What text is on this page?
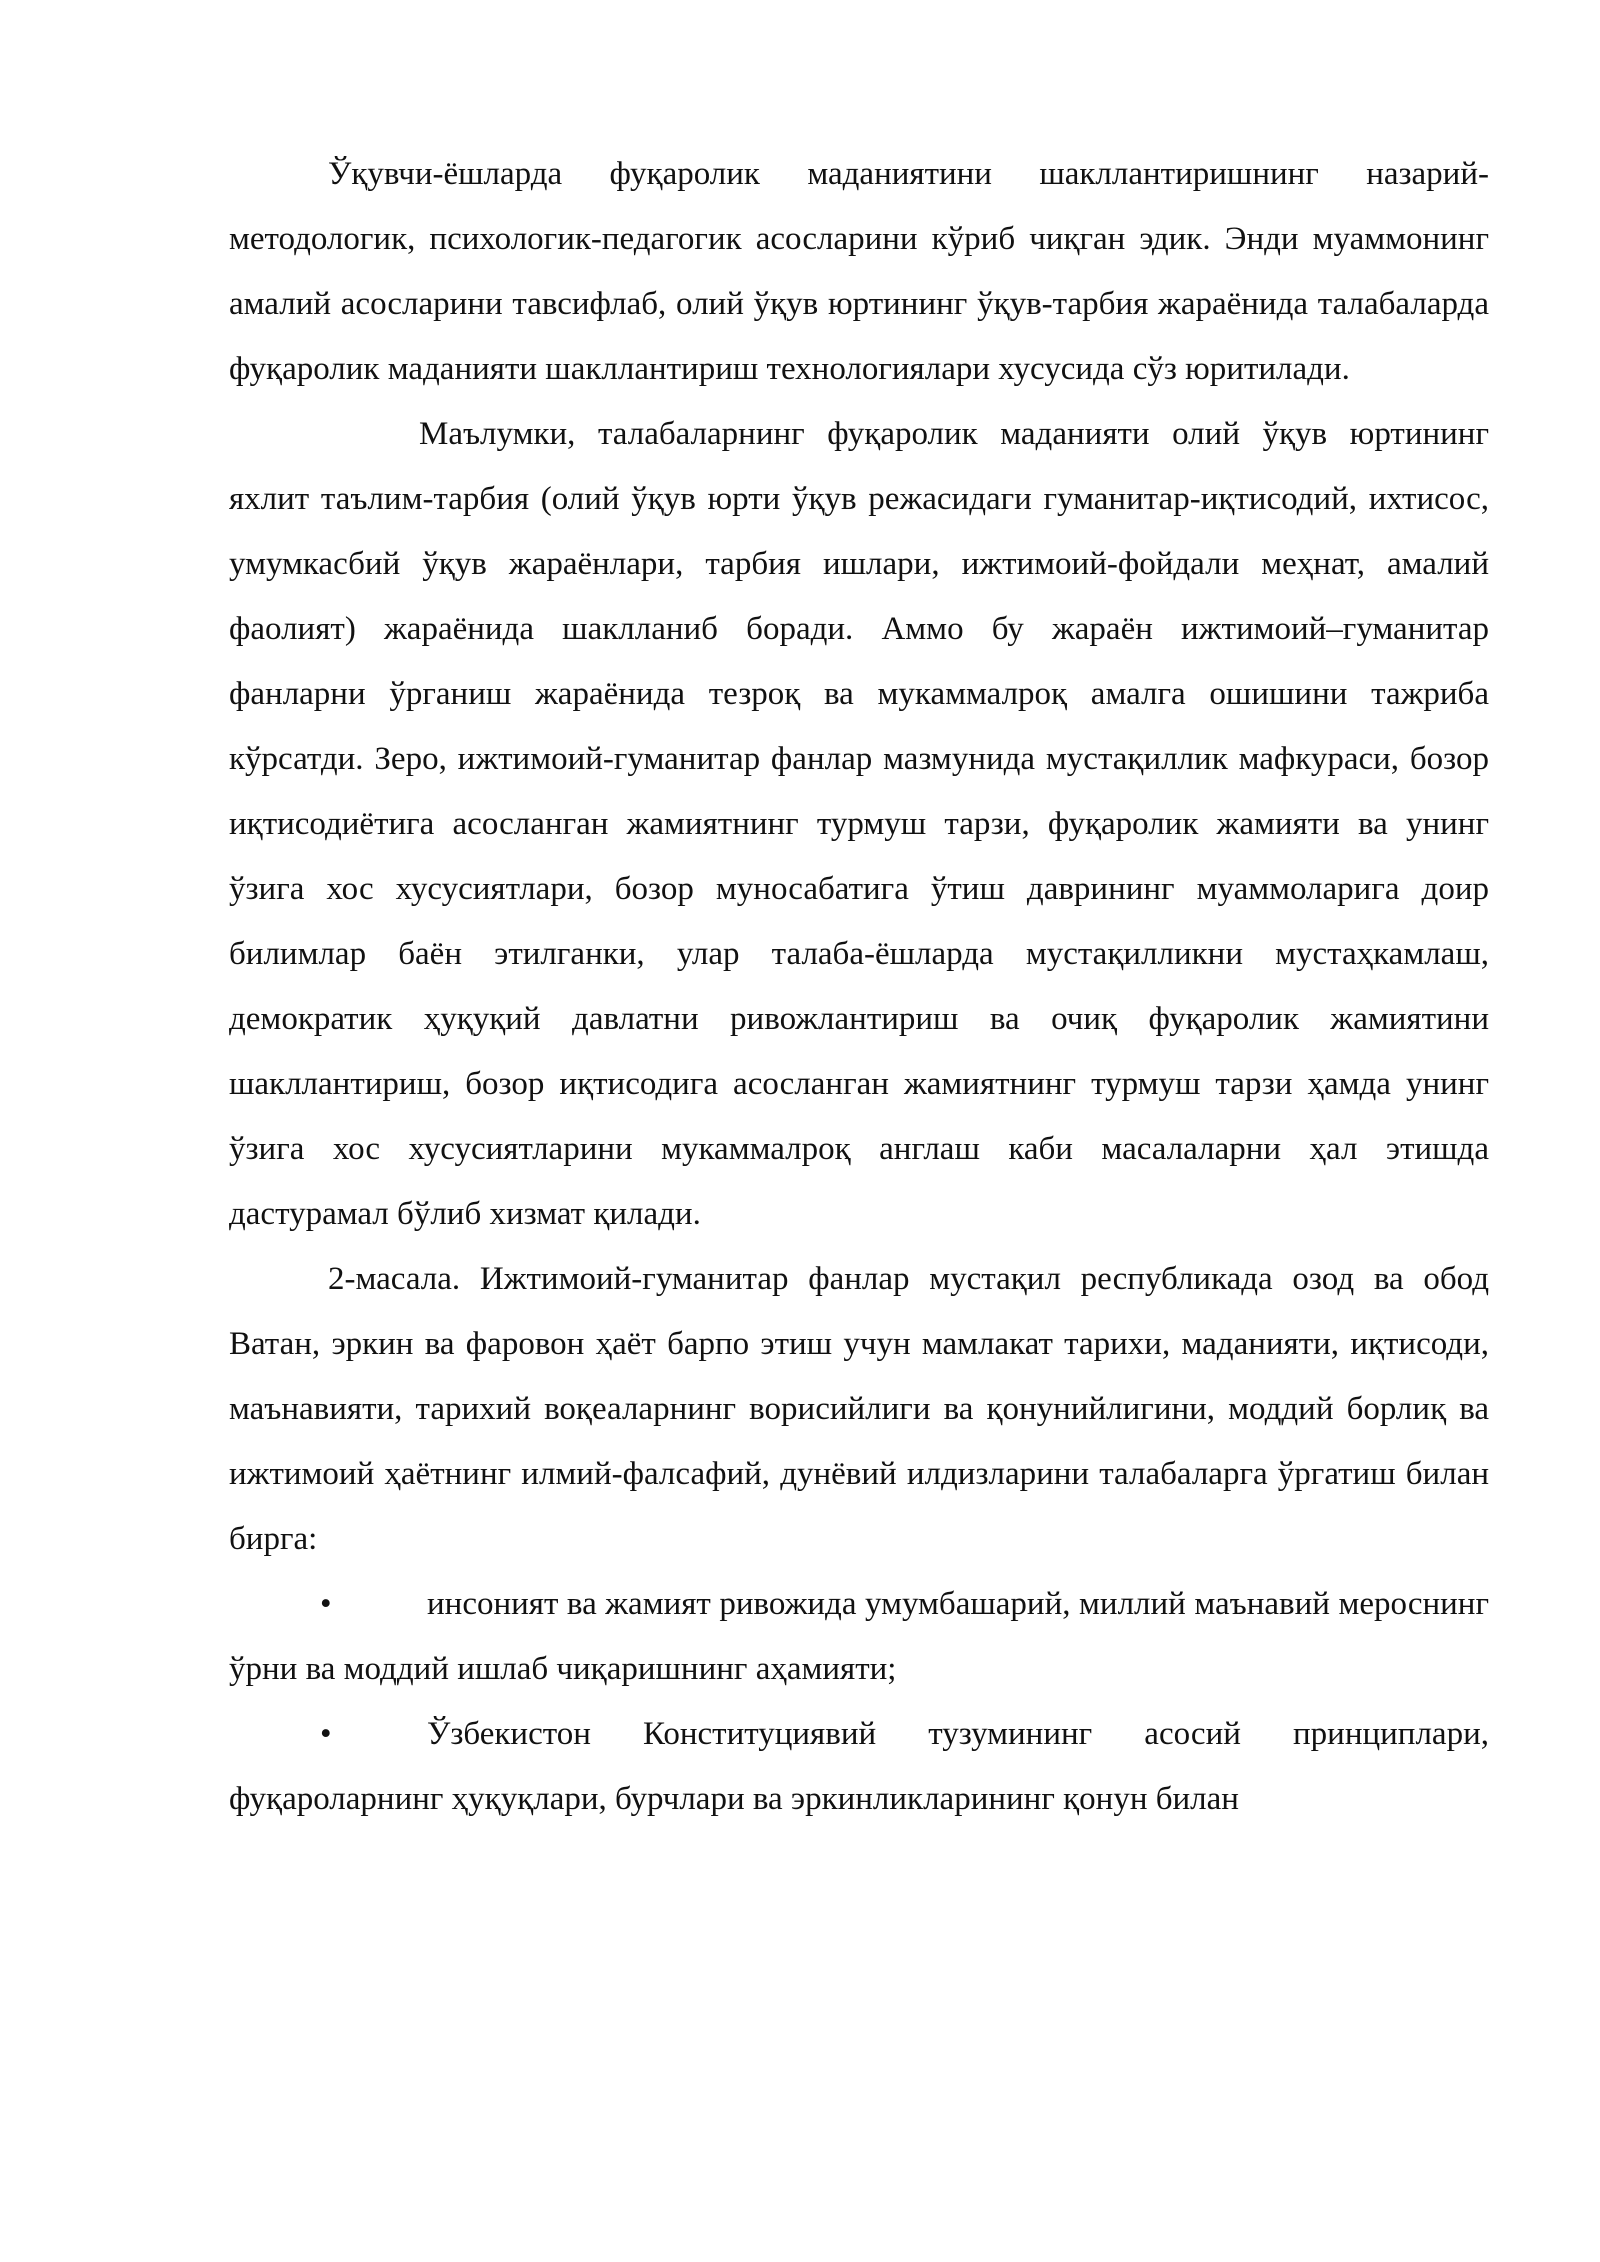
Ўқувчи-ёшларда фуқаролик маданиятини шакллантиришнинг назарий-методологик, психологик-педагогик асосларини кўриб чиқган эдик. Энди муаммонинг амалий асосларини тавсифлаб, олий ўқув юртининг ўқув-тарбия жараёнида талабаларда фуқаролик маданияти шакллантириш технологиялари хусусида сўз юритилади.

Маълумки, талабаларнинг фуқаролик маданияти олий ўқув юртининг яхлит таълим-тарбия (олий ўқув юрти ўқув режасидаги гуманитар-иқтисодий, ихтисос, умумкасбий ўқув жараёнлари, тарбия ишлари, ижтимоий-фойдали меҳнат, амалий фаолият) жараёнида шаклланиб боради. Аммо бу жараён ижтимоий–гуманитар фанларни ўрганиш жараёнида тезроқ ва мукаммалроқ амалга ошишини тажриба кўрсатди. Зеро, ижтимоий-гуманитар фанлар мазмунида мустақиллик мафкураси, бозор иқтисодиётига асосланган жамиятнинг турмуш тарзи, фуқаролик жамияти ва унинг ўзига хос хусусиятлари, бозор муносабатига ўтиш даврининг муаммоларига доир билимлар баён этилганки, улар талаба-ёшларда мустақилликни мустаҳкамлаш, демократик ҳуқуқий давлатни ривожлантириш ва очиқ фуқаролик жамиятини шакллантириш, бозор иқтисодига асосланган жамиятнинг турмуш тарзи ҳамда унинг ўзига хос хусусиятларини мукаммалроқ англаш каби масалаларни ҳал этишда дастурамал бўлиб хизмат қилади.

2-масала. Ижтимоий-гуманитар фанлар мустақил республикада озод ва обод Ватан, эркин ва фаровон ҳаёт барпо этиш учун мамлакат тарихи, маданияти, иқтисоди, маънавияти, тарихий воқеаларнинг ворисийлиги ва қонунийлигини, моддий борлиқ ва ижтимоий ҳаётнинг илмий-фалсафий, дунёвий илдизларини талабаларга ўргатиш билан бирга:

•	инсоният ва жамият ривожида умумбашарий, миллий маънавий мероснинг ўрни ва моддий ишлаб чиқаришнинг аҳамияти;

•	Ўзбекистон Конституциявий тузумининг асосий принциплари, фуқароларнинг ҳуқуқлари, бурчлари ва эркинликларининг қонун билан
